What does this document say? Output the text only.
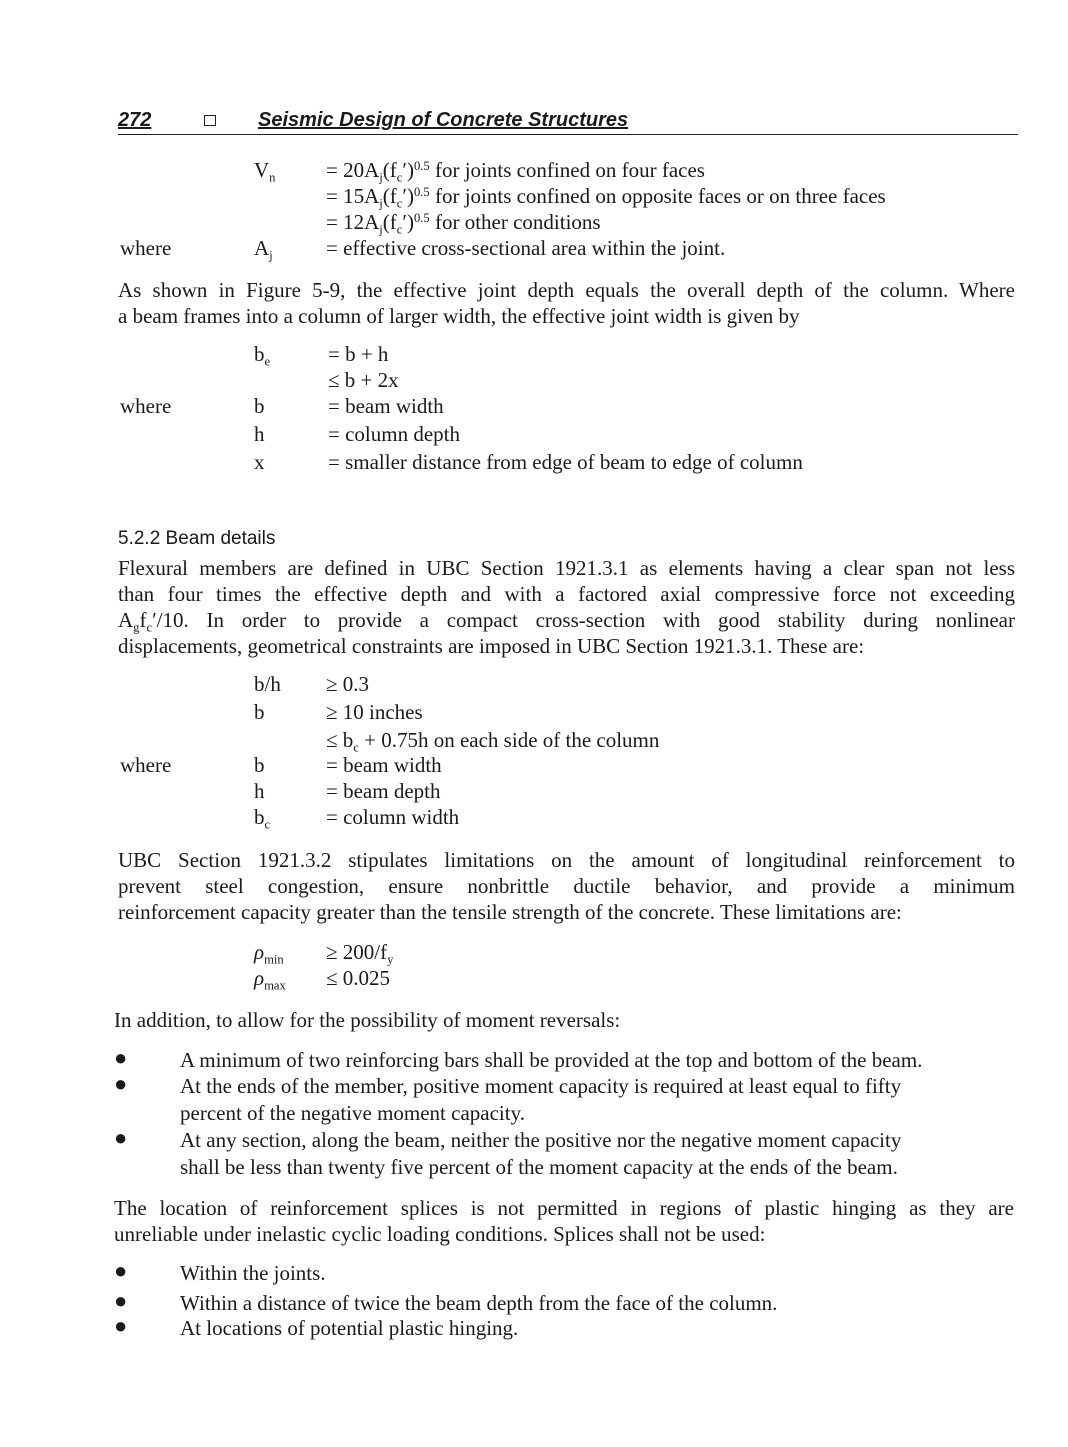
272	Seismic Design of Concrete Structures
$V_n = 20A_j(f_c')^{0.5}$ for joints confined on four faces
= $15A_j(f_c')^{0.5}$ for joints confined on opposite faces or on three faces
= $12A_j(f_c')^{0.5}$ for other conditions
where	$A_j$	= effective cross-sectional area within the joint.
As shown in Figure 5-9, the effective joint depth equals the overall depth of the column. Where
a beam frames into a column of larger width, the effective joint width is given by
$b_e$	= b + h
≤ b + 2x
where	b	= beam width
h	= column depth
x	= smaller distance from edge of beam to edge of column
5.2.2 Beam details
Flexural members are defined in UBC Section 1921.3.1 as elements having a clear span not less
than four times the effective depth and with a factored axial compressive force not exceeding
$A_gf_c'/10$. In order to provide a compact cross-section with good stability during nonlinear
displacements, geometrical constraints are imposed in UBC Section 1921.3.1. These are:
b/h ≥ 0.3
b	≥ 10 inches
≤ $b_c + 0.75h$ on each side of the column
where	b	= beam width
h	= beam depth
$b_c$	= column width
UBC Section 1921.3.2 stipulates limitations on the amount of longitudinal reinforcement to
prevent steel congestion, ensure nonbrittle ductile behavior, and provide a minimum
reinforcement capacity greater than the tensile strength of the concrete. These limitations are:
$\rho_{min} \ge 200/f_y$
$\rho_{max} \le 0.025$
In addition, to allow for the possibility of moment reversals:
●	A minimum of two reinforcing bars shall be provided at the top and bottom of the beam.
●	At the ends of the member, positive moment capacity is required at least equal to fifty
percent of the negative moment capacity.
●	At any section, along the beam, neither the positive nor the negative moment capacity
shall be less than twenty five percent of the moment capacity at the ends of the beam.
The location of reinforcement splices is not permitted in regions of plastic hinging as they are
unreliable under inelastic cyclic loading conditions. Splices shall not be used:
●	Within the joints.
●	Within a distance of twice the beam depth from the face of the column.
●	At locations of potential plastic hinging.
